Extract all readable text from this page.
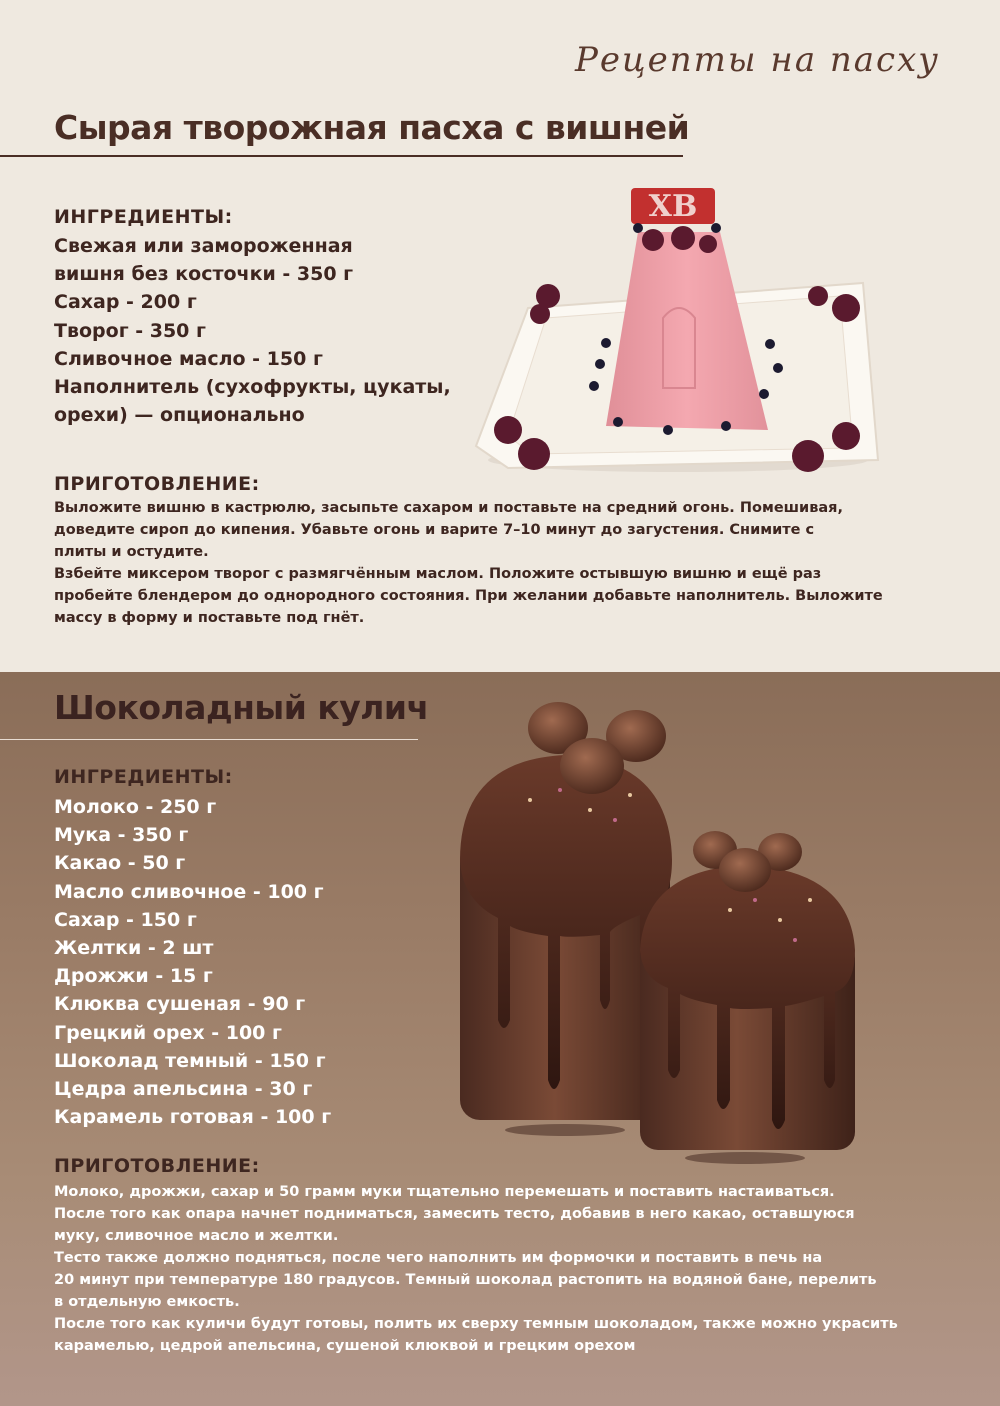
Рецепты на пасху
Сырая творожная пасха с вишней
ИНГРЕДИЕНТЫ:
Свежая или замороженная
вишня без косточки - 350 г
Сахар - 200 г
Творог - 350 г
Сливочное масло - 150 г
Наполнитель (сухофрукты, цукаты,
орехи) — опционально
ХВ
ПРИГОТОВЛЕНИЕ:

Выложите вишню в кастрюлю, засыпьте сахаром и поставьте на средний огонь. Помешивая,

доведите сироп до кипения. Убавьте огонь и варите 7–10 минут до загустения. Снимите с

плиты и остудите.

Взбейте миксером творог с размягчённым маслом. Положите остывшую вишню и ещё раз

пробейте блендером до однородного состояния. При желании добавьте наполнитель. Выложите

массу в форму и поставьте под гнёт.

Шоколадный кулич
ИНГРЕДИЕНТЫ:
Молоко - 250 г
Мука - 350 г
Какао - 50 г
Масло сливочное - 100 г
Сахар - 150 г
Желтки - 2 шт
Дрожжи - 15 г
Клюква сушеная - 90 г
Грецкий орех - 100 г
Шоколад темный - 150 г
Цедра апельсина - 30 г
Карамель готовая - 100 г
ПРИГОТОВЛЕНИЕ:

Молоко, дрожжи, сахар и 50 грамм муки тщательно перемешать и поставить настаиваться.

После того как опара начнет подниматься, замесить тесто, добавив в него какао, оставшуюся

муку, сливочное масло и желтки.

Тесто также должно подняться, после чего наполнить им формочки и поставить в печь на

20 минут при температуре 180 градусов. Темный шоколад растопить на водяной бане, перелить

в отдельную емкость.

После того как куличи будут готовы, полить их сверху темным шоколадом, также можно украсить

карамелью, цедрой апельсина, сушеной клюквой и грецким орехом
